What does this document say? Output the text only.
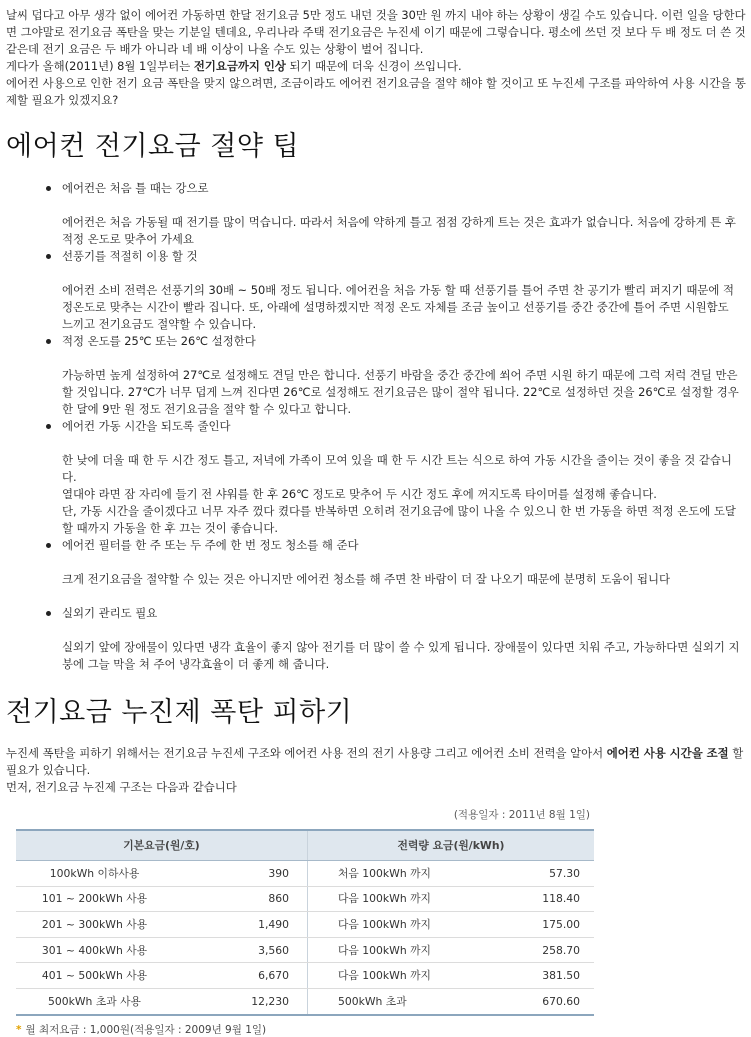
날씨 덥다고 아무 생각 없이 에어컨 가동하면 한달 전기요금 5만 정도 내던 것을 30만 원 까지 내야 하는 상황이 생길 수도 있습니다. 이런 일을 당한다면 그야말로 전기요금 폭탄을 맞는 기분일 텐데요, 우리나라 주택 전기요금은 누진세 이기 때문에 그렇습니다. 평소에 쓰던 것 보다 두 배 정도 더 쓴 것 같은데 전기 요금은 두 배가 아니라 네 배 이상이 나올 수도 있는 상황이 벌어 집니다.

게다가 올해(2011년) 8월 1일부터는 전기요금까지 인상 되기 때문에 더욱 신경이 쓰입니다.

에어컨 사용으로 인한 전기 요금 폭탄을 맞지 않으려면, 조금이라도 에어컨 전기요금을 절약 해야 할 것이고 또 누진세 구조를 파악하여 사용 시간을 통제할 필요가 있겠지요?

에어컨 전기요금 절약 팁
에어컨은 처음 틀 때는 강으로
에어컨은 처음 가동될 때 전기를 많이 먹습니다. 따라서 처음에 약하게 틀고 점점 강하게 트는 것은 효과가 없습니다. 처음에 강하게 튼 후 적정 온도로 맞추어 가세요
선풍기를 적절히 이용 할 것
에어컨 소비 전력은 선풍기의 30배 ~ 50배 정도 됩니다. 에어컨을 처음 가동 할 때 선풍기를 틀어 주면 찬 공기가 빨리 퍼지기 때문에 적정온도로 맞추는 시간이 빨라 집니다. 또, 아래에 설명하겠지만 적정 온도 자체를 조금 높이고 선풍기를 중간 중간에 틀어 주면 시원함도 느끼고 전기요금도 절약할 수 있습니다.
적정 온도를 25℃ 또는 26℃ 설정한다
가능하면 높게 설정하여 27℃로 설정해도 견딜 만은 합니다. 선풍기 바람을 중간 중간에 쐬어 주면 시원 하기 때문에 그럭 저럭 견딜 만은 할 것입니다. 27℃가 너무 덥게 느껴 진다면 26℃로 설정해도 전기요금은 많이 절약 됩니다. 22℃로 설정하던 것을 26℃로 설정할 경우 한 달에 9만 원 정도 전기요금을 절약 할 수 있다고 합니다.
에어컨 가동 시간을 되도록 줄인다
한 낮에 더울 때 한 두 시간 정도 틀고, 저녁에 가족이 모여 있을 때 한 두 시간 트는 식으로 하여 가동 시간을 줄이는 것이 좋을 것 같습니다.
열대야 라면 잠 자리에 들기 전 샤워를 한 후 26℃ 정도로 맞추어 두 시간 정도 후에 꺼지도록 타이머를 설정해 좋습니다.
단, 가동 시간을 줄이겠다고 너무 자주 껐다 켰다를 반복하면 오히려 전기요금에 많이 나올 수 있으니 한 번 가동을 하면 적정 온도에 도달할 때까지 가동을 한 후 끄는 것이 좋습니다.
에어컨 필터를 한 주 또는 두 주에 한 번 정도 청소를 해 준다
크게 전기요금을 절약할 수 있는 것은 아니지만 에어컨 청소를 해 주면 찬 바람이 더 잘 나오기 때문에 분명히 도움이 됩니다
실외기 관리도 필요
실외기 앞에 장애물이 있다면 냉각 효율이 좋지 않아 전기를 더 많이 쓸 수 있게 됩니다. 장애물이 있다면 치워 주고, 가능하다면 실외기 지붕에 그늘 막을 쳐 주어 냉각효율이 더 좋게 해 줍니다.
전기요금 누진제 폭탄 피하기

누진세 폭탄을 피하기 위해서는 전기요금 누진세 구조와 에어컨 사용 전의 전기 사용량 그리고 에어컨 소비 전력을 알아서 에어컨 사용 시간을 조절 할 필요가 있습니다.

먼저, 전기요금 누진제 구조는 다음과 같습니다

(적용일자 : 2011년 8월 1일)
기본요금(원/호)		전력량 요금(원/kWh)	
100kWh 이하사용	390	처음 100kWh 까지	57.30
101 ~ 200kWh 사용	860	다음 100kWh 까지	118.40
201 ~ 300kWh 사용	1,490	다음 100kWh 까지	175.00
301 ~ 400kWh 사용	3,560	다음 100kWh 까지	258.70
401 ~ 500kWh 사용	6,670	다음 100kWh 까지	381.50
500kWh 초과 사용	12,230	500kWh 초과	670.60
* 월 최저요금 : 1,000원(적용일자 : 2009년 9월 1일)
